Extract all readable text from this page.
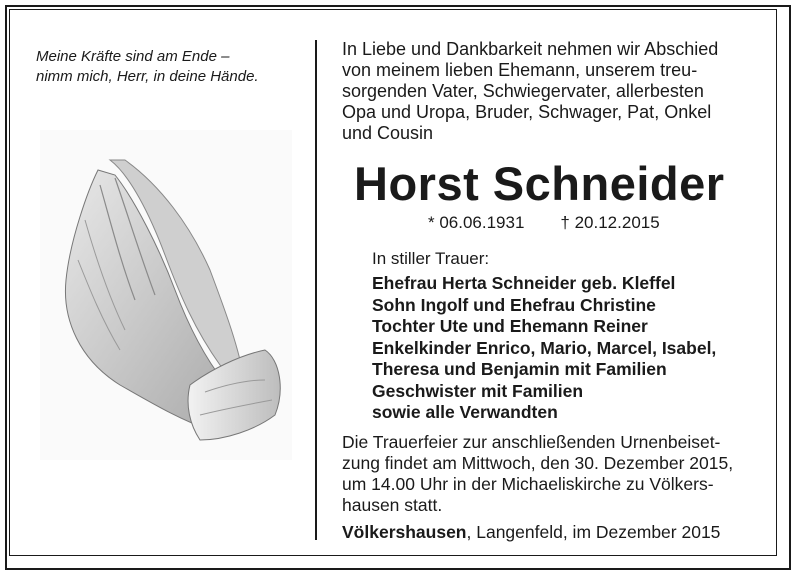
Meine Kräfte sind am Ende –
nimm mich, Herr, in deine Hände.

In Liebe und Dankbarkeit nehmen wir Abschied
von meinem lieben Ehemann, unserem treu-
sorgenden Vater, Schwiegervater, allerbesten
Opa und Uropa, Bruder, Schwager, Pat, Onkel
und Cousin

Horst Schneider

* 06.06.1931 † 20.12.2015

In stiller Trauer:

Ehefrau Herta Schneider geb. Kleffel
Sohn Ingolf und Ehefrau Christine
Tochter Ute und Ehemann Reiner
Enkelkinder Enrico, Mario, Marcel, Isabel,
Theresa und Benjamin mit Familien
Geschwister mit Familien
sowie alle Verwandten

Die Trauerfeier zur anschließenden Urnenbeiset-
zung findet am Mittwoch, den 30. Dezember 2015,
um 14.00 Uhr in der Michaeliskirche zu Völkers-
hausen statt.

Völkershausen, Langenfeld, im Dezember 2015
